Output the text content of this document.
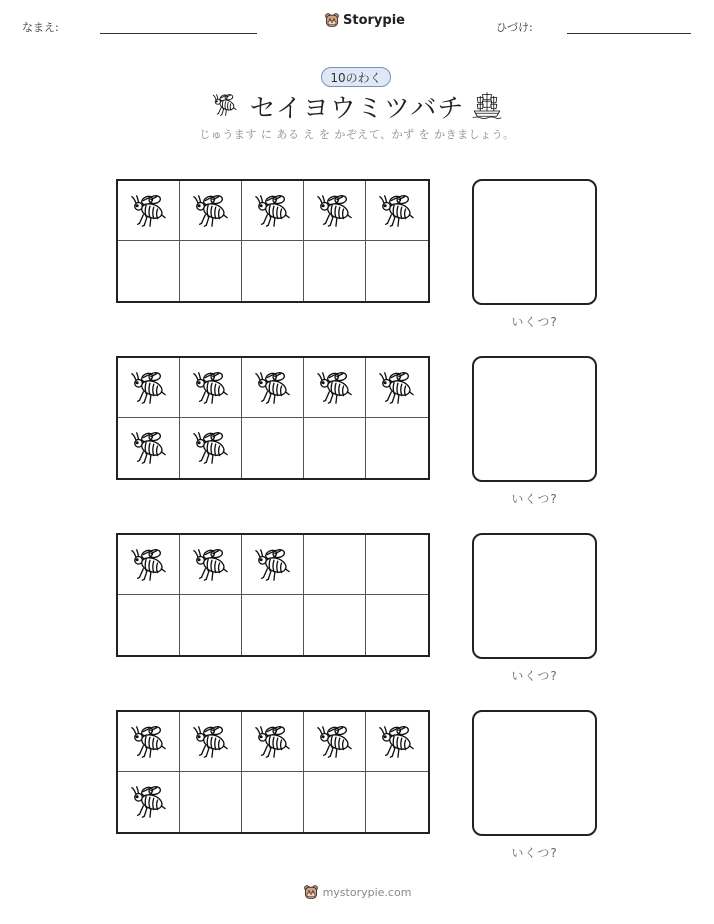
なまえ:	Storypie	ひづけ:
10のわく
セイヨウミツバチ
じゅうます に ある え を かぞえて、かず を かきましょう。
いくつ?
いくつ?
いくつ?
いくつ?
mystorypie.com
